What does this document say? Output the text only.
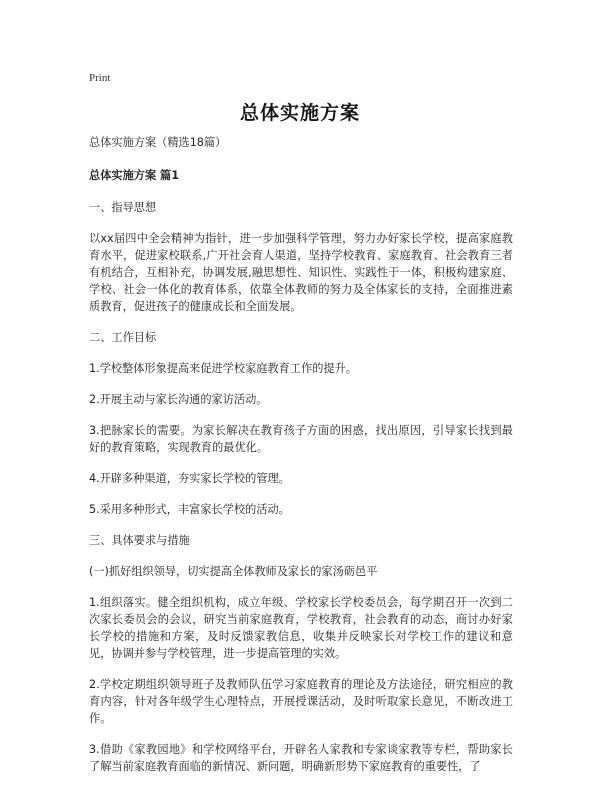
Print
总体实施方案

总体实施方案（精选18篇）

总体实施方案 篇1

一、指导思想

以xx届四中全会精神为指针，进一步加强科学管理，努力办好家长学校，提高家庭教育水平，促进家校联系,广开社会育人渠道，坚持学校教育、家庭教育、社会教育三者有机结合，互相补充，协调发展,融思想性、知识性、实践性于一体，积极构建家庭、学校、社会一体化的教育体系，依靠全体教师的努力及全体家长的支持，全面推进素质教育，促进孩子的健康成长和全面发展。

二、工作目标

1.学校整体形象提高来促进学校家庭教育工作的提升。

2.开展主动与家长沟通的家访活动。

3.把脉家长的需要。为家长解决在教育孩子方面的困惑，找出原因，引导家长找到最好的教育策略，实现教育的最优化。

4.开辟多种渠道，夯实家长学校的管理。

5.采用多种形式，丰富家长学校的活动。

三、具体要求与措施

(一)抓好组织领导，切实提高全体教师及家长的家汤砺邑平

1.组织落实。健全组织机构，成立年级、学校家长学校委员会，每学期召开一次到二次家长委员会的会议，研究当前家庭教育，学校教育，社会教育的动态，商讨办好家长学校的措施和方案，及时反馈家教信息，收集并反映家长对学校工作的建议和意见，协调并参与学校管理，进一步提高管理的实效。

2.学校定期组织领导班子及教师队伍学习家庭教育的理论及方法途径，研究相应的教育内容，针对各年级学生心理特点，开展授课活动，及时听取家长意见，不断改进工作。

3.借助《家教园地》和学校网络平台，开辟名人家教和专家谈家教等专栏，帮助家长了解当前家庭教育面临的新情况、新问题，明确新形势下家庭教育的重要性，了
